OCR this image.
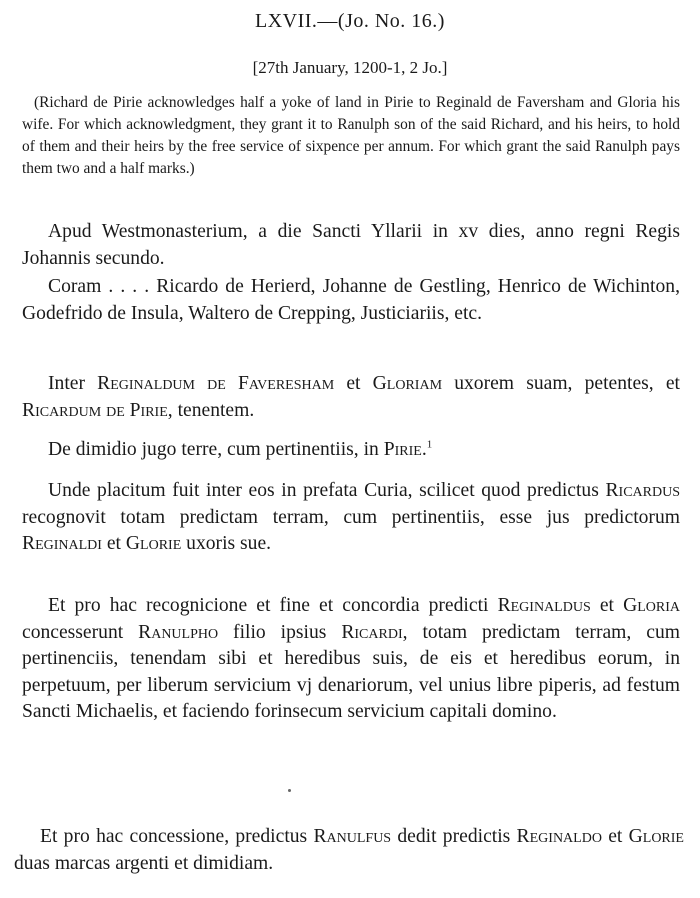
LXVII.—(Jo. No. 16.)
[27th January, 1200-1, 2 Jo.]
(Richard de Pirie acknowledges half a yoke of land in Pirie to Reginald de Faversham and Gloria his wife. For which acknowledgment, they grant it to Ranulph son of the said Richard, and his heirs, to hold of them and their heirs by the free service of sixpence per annum. For which grant the said Ranulph pays them two and a half marks.)

Apud Westmonasterium, a die Sancti Yllarii in xv dies, anno regni Regis Johannis secundo.

Coram . . . . Ricardo de Herierd, Johanne de Gestling, Henrico de Wichinton, Godefrido de Insula, Waltero de Crepping, Justiciariis, etc.

Inter Reginaldum de Faveresham et Gloriam uxorem suam, petentes, et Ricardum de Pirie, tenentem.

De dimidio jugo terre, cum pertinentiis, in Pirie.$^1$

Unde placitum fuit inter eos in prefata Curia, scilicet quod predictus Ricardus recognovit totam predictam terram, cum pertinentiis, esse jus predictorum Reginaldi et Glorie uxoris sue.

Et pro hac recognicione et fine et concordia predicti Reginaldus et Gloria concesserunt Ranulpho filio ipsius Ricardi, totam predictam terram, cum pertinenciis, tenendam sibi et heredibus suis, de eis et heredibus eorum, in perpetuum, per liberum servicium vj denariorum, vel unius libre piperis, ad festum Sancti Michaelis, et faciendo forinsecum servicium capitali domino.

Et pro hac concessione, predictus Ranulfus dedit predictis Reginaldo et Glorie duas marcas argenti et dimidiam.
